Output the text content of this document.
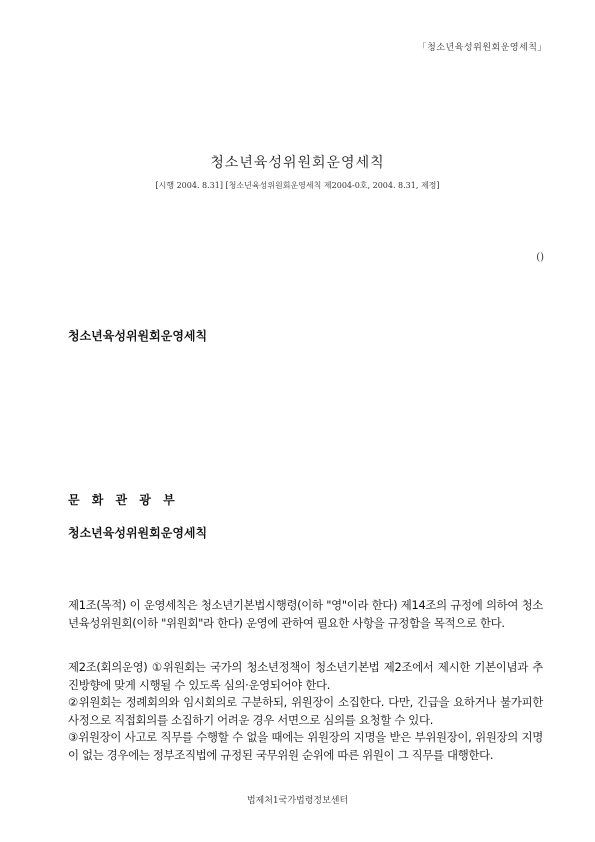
「청소년육성위원회운영세칙」
청소년육성위원회운영세칙
[시행 2004. 8.31] [청소년육성위원회운영세칙 제2004-0호, 2004. 8.31, 제정]
()
청소년육성위원회운영세칙
문 화 관 광 부
청소년육성위원회운영세칙

제1조(목적) 이 운영세칙은 청소년기본법시행령(이하 "영"이라 한다) 제14조의 규정에 의하여 청소년육성위원회(이하 "위원회"라 한다) 운영에 관하여 필요한 사항을 규정함을 목적으로 한다.

제2조(회의운영) ①위원회는 국가의 청소년정책이 청소년기본법 제2조에서 제시한 기본이념과 추진방향에 맞게 시행될 수 있도록 심의·운영되어야 한다.

②위원회는 정례회의와 임시회의로 구분하되, 위원장이 소집한다. 다만, 긴급을 요하거나 불가피한 사정으로 직접회의를 소집하기 어려운 경우 서면으로 심의를 요청할 수 있다.

③위원장이 사고로 직무를 수행할 수 없을 때에는 위원장의 지명을 받은 부위원장이, 위원장의 지명이 없는 경우에는 정부조직법에 규정된 국무위원 순위에 따른 위원이 그 직무를 대행한다.

법제처1국가법령정보센터
